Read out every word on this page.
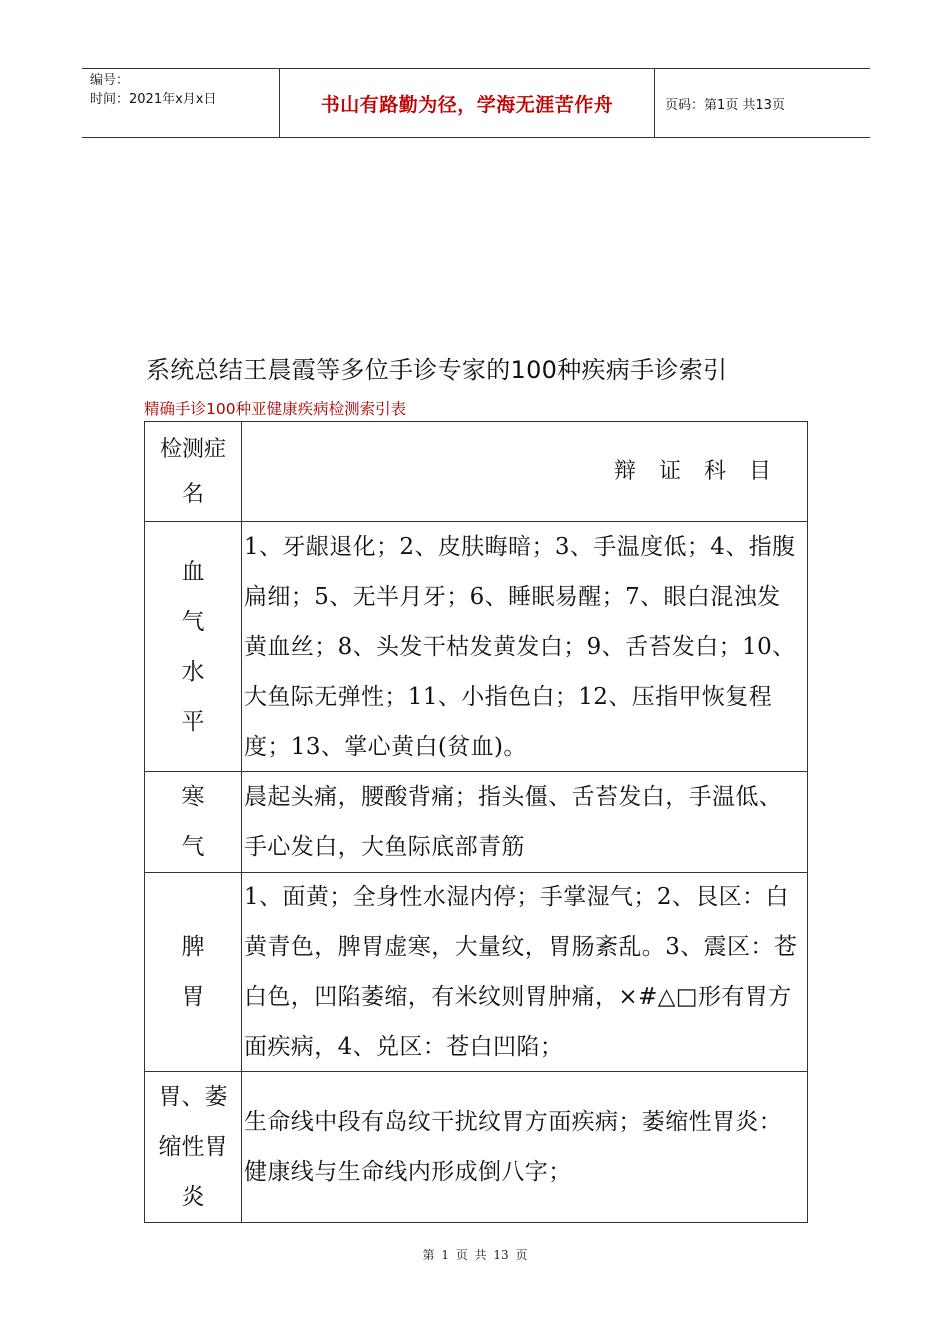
编号：
时间：2021年x月x日	书山有路勤为径，学海无涯苦作舟	页码：第1页 共13页
系统总结王晨霞等多位手诊专家的100种疾病手诊索引
精确手诊100种亚健康疾病检测索引表
检测症名
辩 证 科 目
血气水平
1、牙龈退化；2、皮肤晦暗；3、手温度低；4、指腹扁细；5、无半月牙；6、睡眠易醒；7、眼白混浊发黄血丝；8、头发干枯发黄发白；9、舌苔发白；10、大鱼际无弹性；11、小指色白；12、压指甲恢复程度；13、掌心黄白(贫血)。
寒气
晨起头痛，腰酸背痛；指头僵、舌苔发白，手温低、手心发白，大鱼际底部青筋
脾胃
1、面黄；全身性水湿内停；手掌湿气；2、艮区：白黄青色，脾胃虚寒，大量纹，胃肠紊乱。3、震区：苍白色，凹陷萎缩，有米纹则胃肿痛，×#△□形有胃方面疾病，4、兑区：苍白凹陷；
胃、萎缩性胃炎
生命线中段有岛纹干扰纹胃方面疾病；萎缩性胃炎：健康线与生命线内形成倒八字；
第 1 页 共 13 页
